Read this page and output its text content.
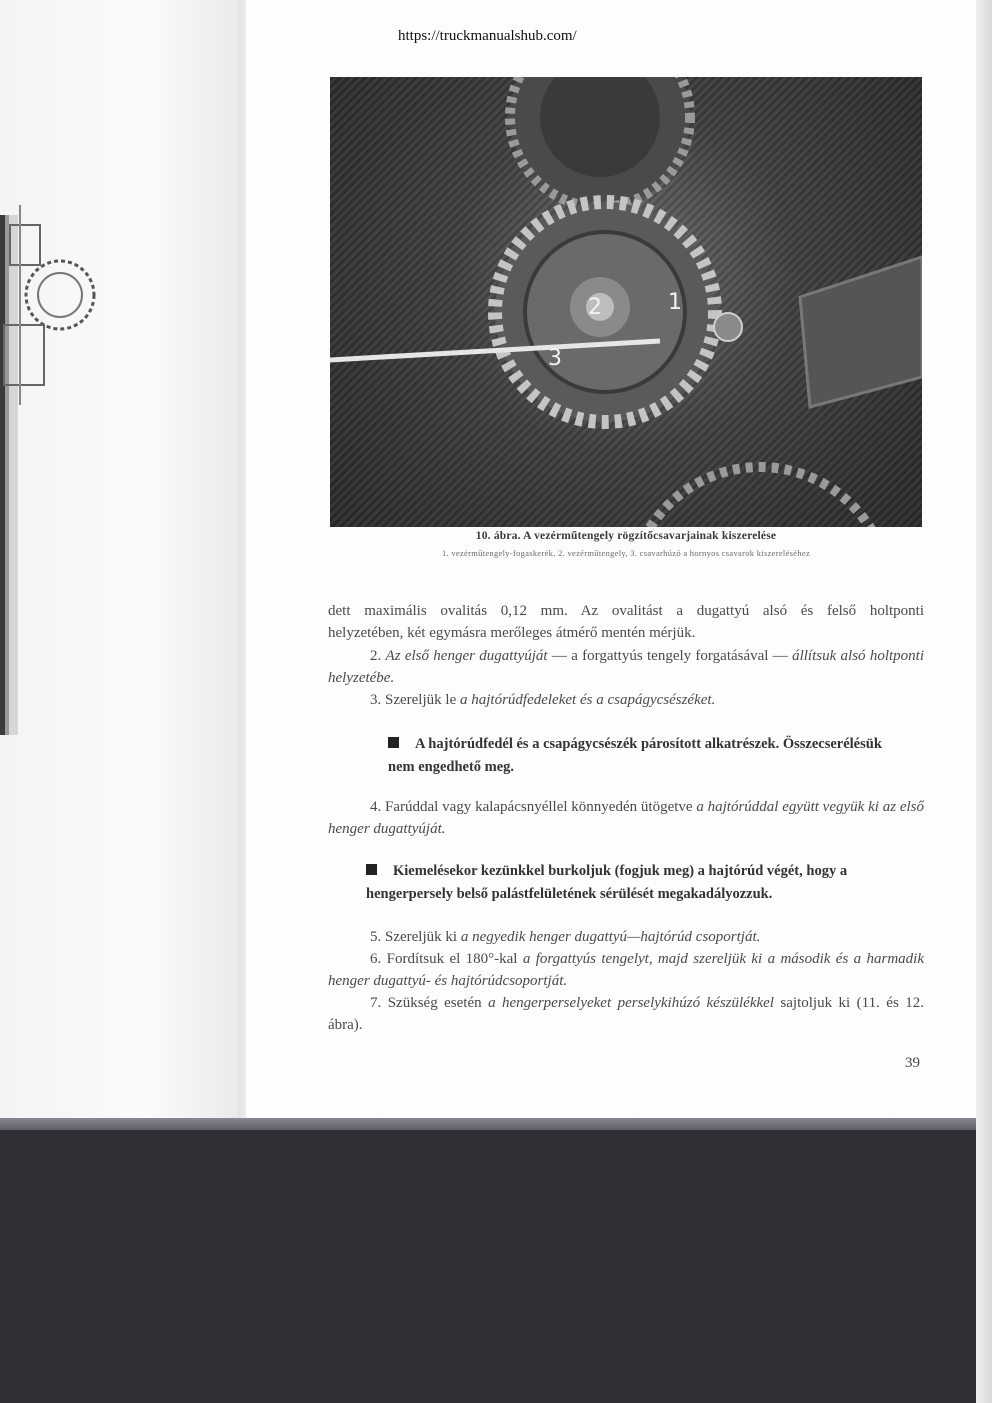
https://truckmanualshub.com/
1
2
3
10. ábra. A vezérműtengely rögzítőcsavarjainak kiszerelése
1. vezérműtengely-fogaskerék, 2. vezérműtengely, 3. csavarhúzó a hornyos csavarok kiszereléséhez

dett maximális ovalitás 0,12 mm. Az ovalitást a dugattyú alsó és felső holtponti

helyzetében, két egymásra merőleges átmérő mentén mérjük.

2. Az első henger dugattyúját — a forgattyús tengely forgatásával — állítsuk alsó holtponti helyzetébe.

3. Szereljük le a hajtórúdfedeleket és a csapágycsészéket.

A hajtórúdfedél és a csapágycsészék párosított alkatrészek. Összecserélésük nem engedhető meg.

4. Farúddal vagy kalapácsnyéllel könnyedén ütögetve a hajtórúddal együtt vegyük ki az első henger dugattyúját.

Kiemelésekor kezünkkel burkoljuk (fogjuk meg) a hajtórúd végét, hogy a hengerpersely belső palástfelületének sérülését megakadályozzuk.

5. Szereljük ki a negyedik henger dugattyú—hajtórúd csoportját.

6. Fordítsuk el 180°-kal a forgattyús tengelyt, majd szereljük ki a második és a harmadik henger dugattyú- és hajtórúdcsoportját.

7. Szükség esetén a hengerperselyeket perselykihúzó készülékkel sajtoljuk ki (11. és 12. ábra).

39
